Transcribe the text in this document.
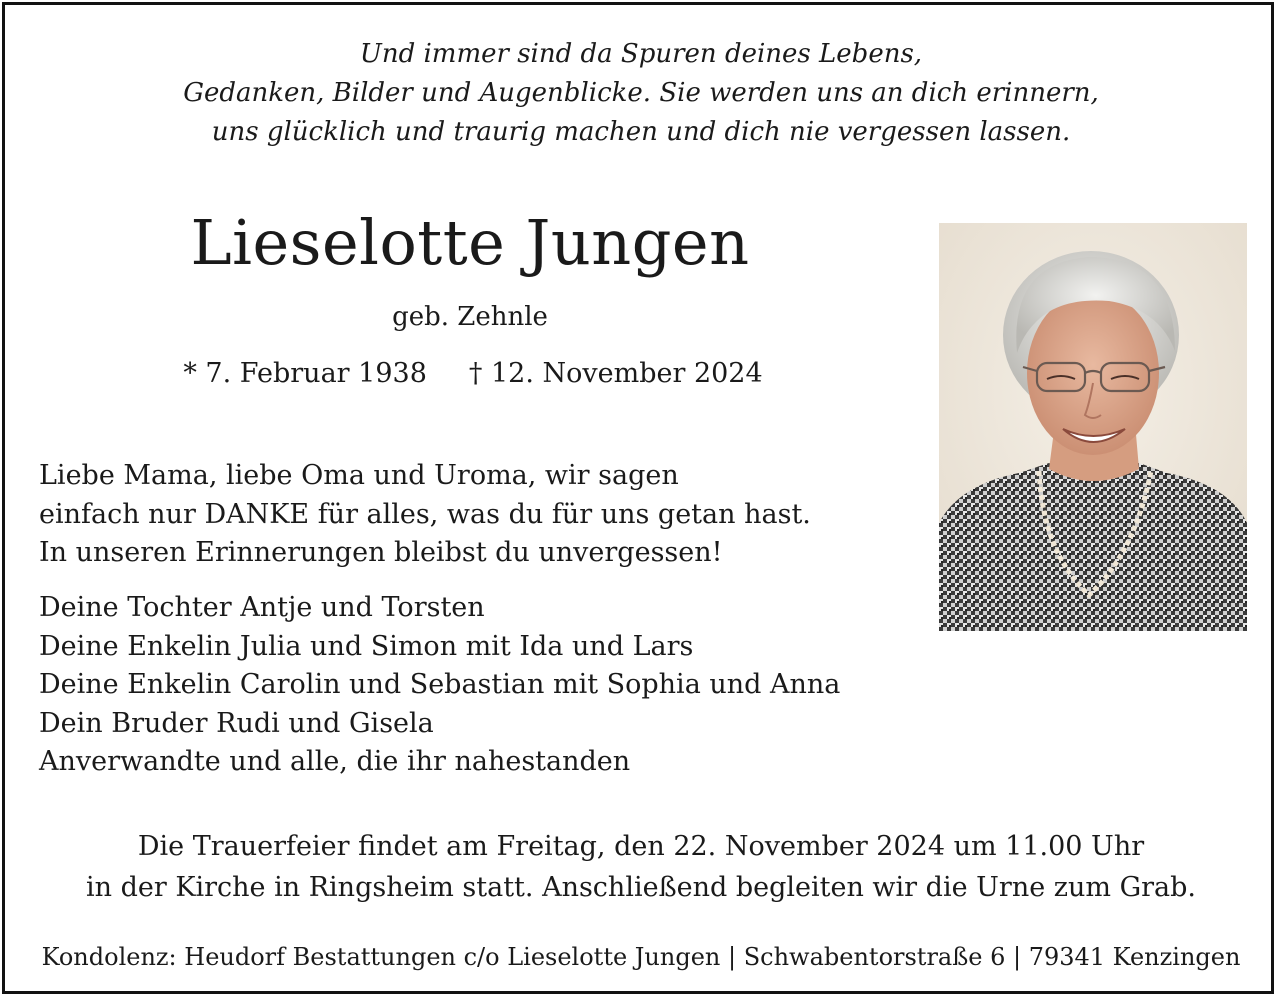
Und immer sind da Spuren deines Lebens,
Gedanken, Bilder und Augenblicke. Sie werden uns an dich erinnern,
uns glücklich und traurig machen und dich nie vergessen lassen.
Lieselotte Jungen
geb. Zehnle
* 7. Februar 1938 † 12. November 2024
Liebe Mama, liebe Oma und Uroma, wir sagen
einfach nur DANKE für alles, was du für uns getan hast.
In unseren Erinnerungen bleibst du unvergessen!
Deine Tochter Antje und Torsten
Deine Enkelin Julia und Simon mit Ida und Lars
Deine Enkelin Carolin und Sebastian mit Sophia und Anna
Dein Bruder Rudi und Gisela
Anverwandte und alle, die ihr nahestanden
Die Trauerfeier findet am Freitag, den 22. November 2024 um 11.00 Uhr
in der Kirche in Ringsheim statt. Anschließend begleiten wir die Urne zum Grab.
Kondolenz: Heudorf Bestattungen c/o Lieselotte Jungen | Schwabentorstraße 6 | 79341 Kenzingen
